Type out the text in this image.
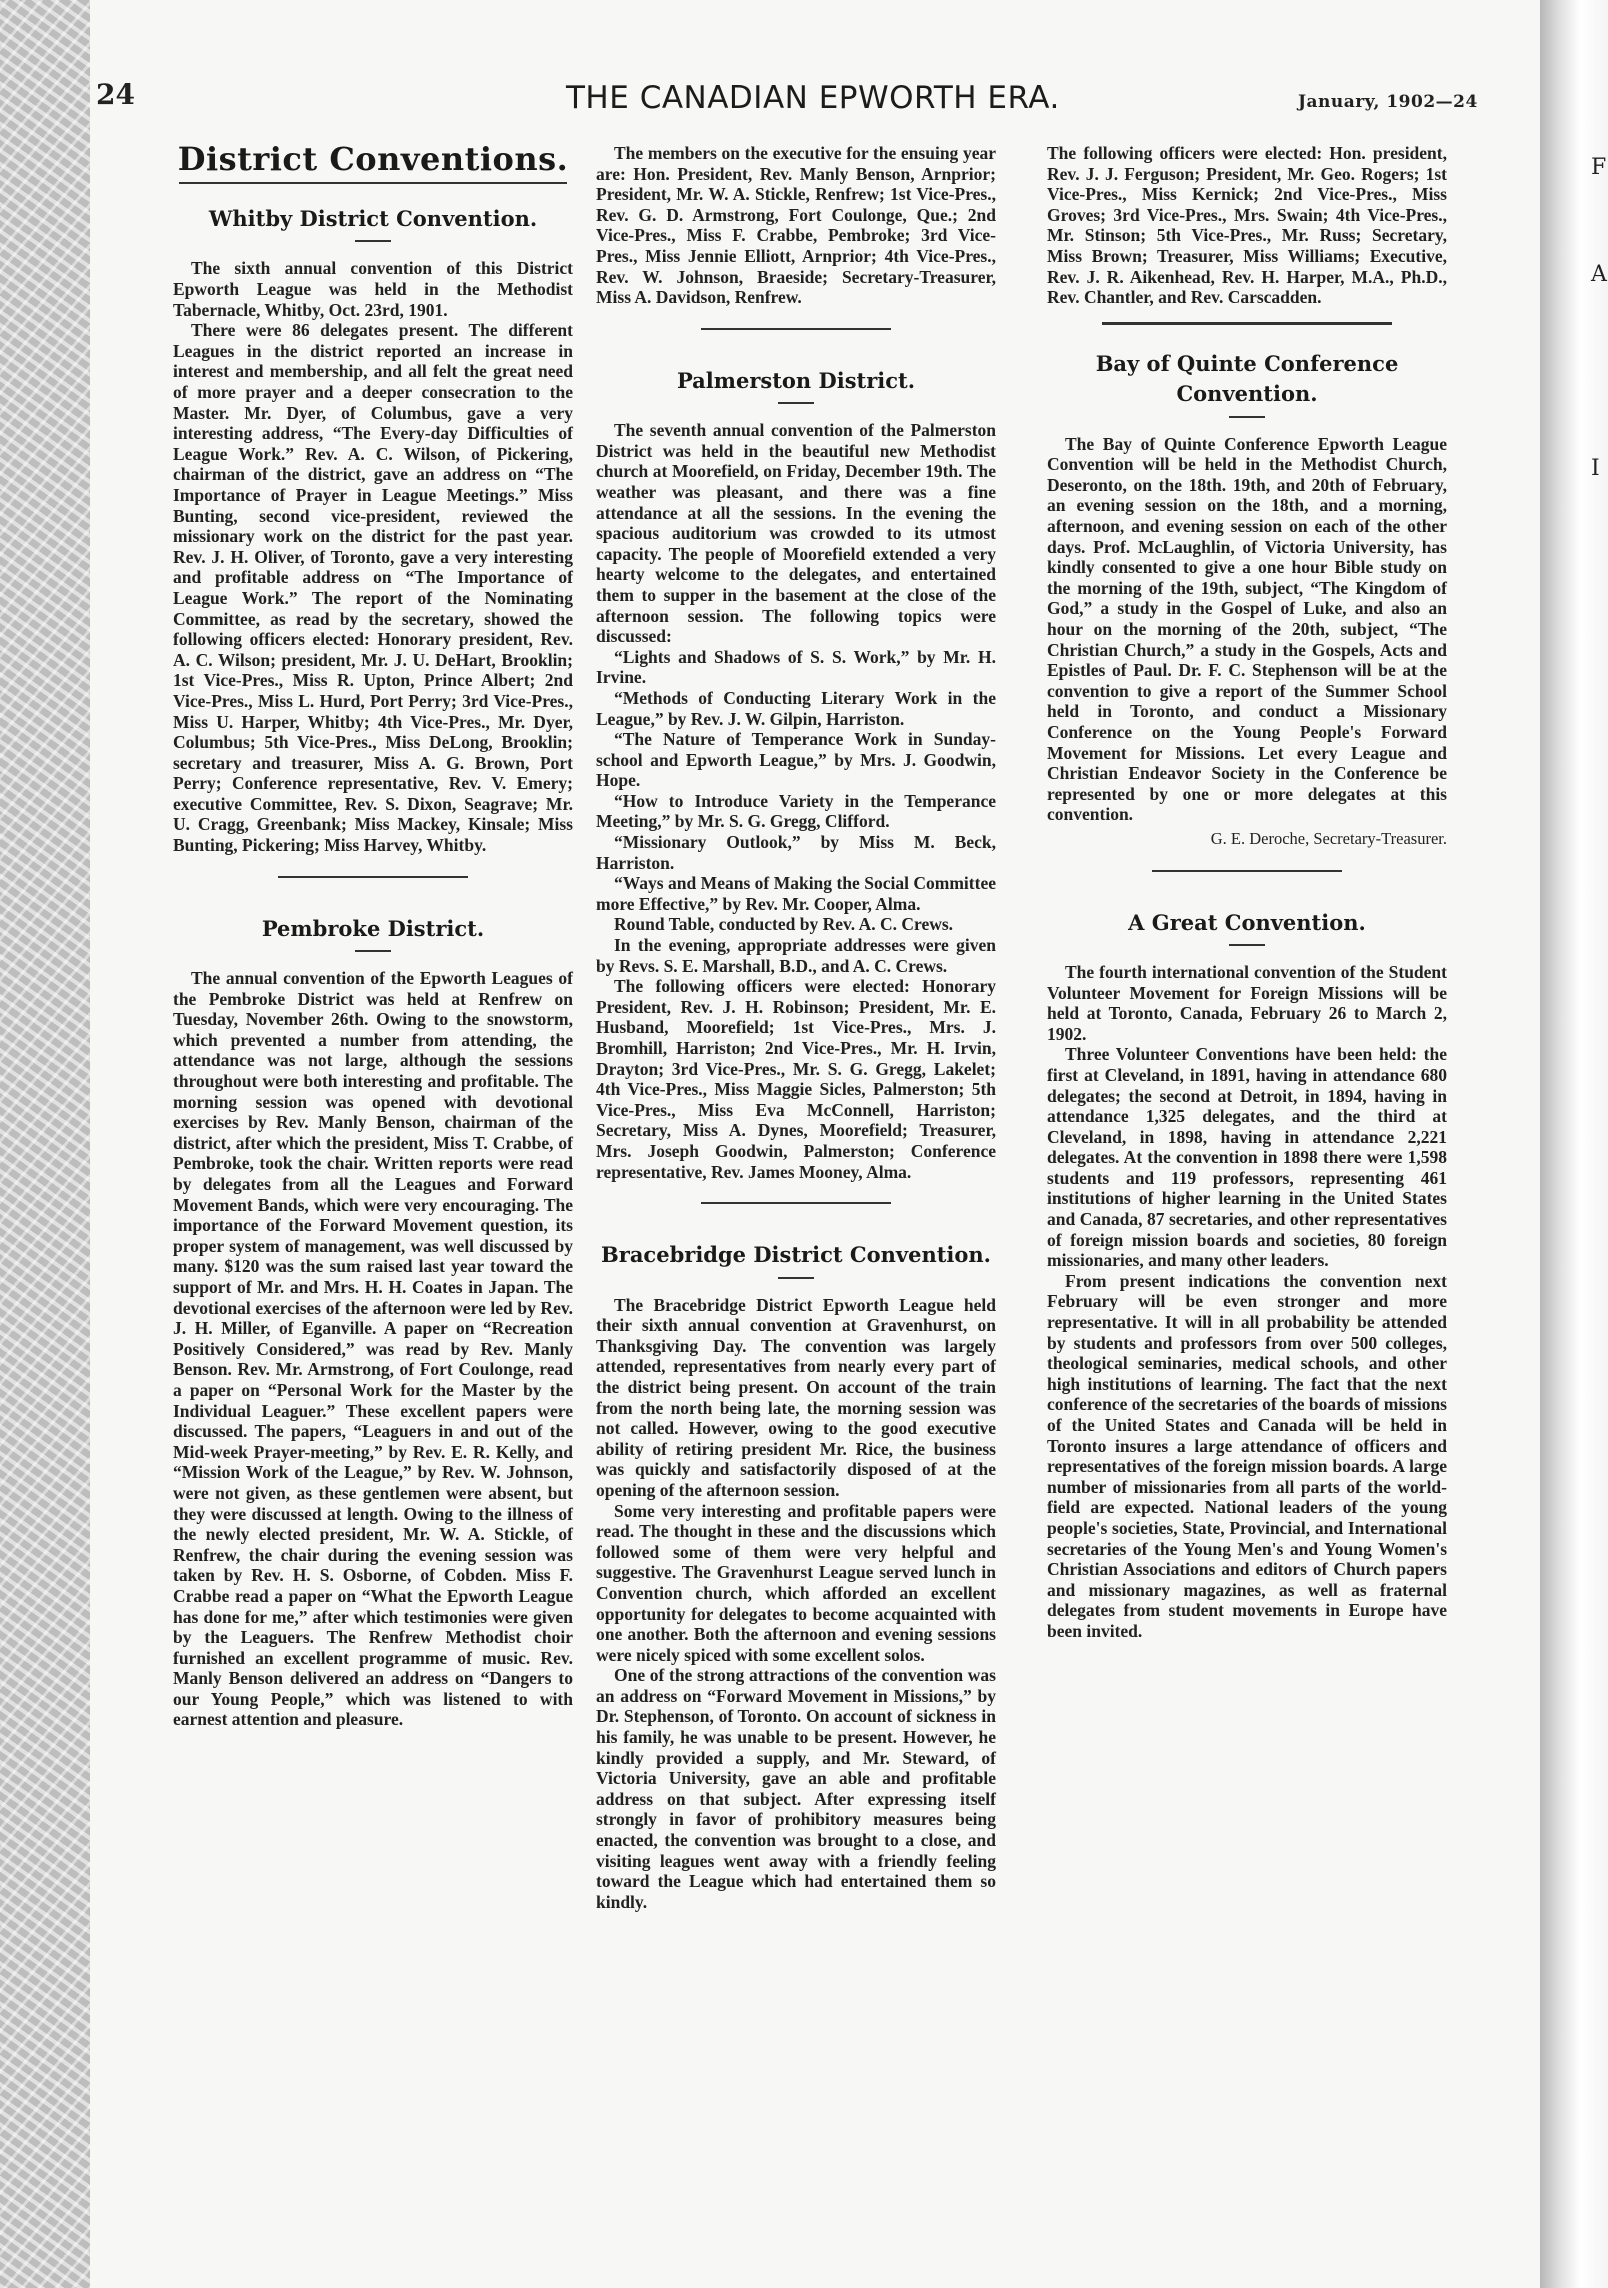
F
A
I
24	THE CANADIAN EPWORTH ERA.	January, 1902—24
District Conventions.
Whitby District Convention.

The sixth annual convention of this District Epworth League was held in the Methodist Tabernacle, Whitby, Oct. 23rd, 1901.

There were 86 delegates present. The different Leagues in the district reported an increase in interest and membership, and all felt the great need of more prayer and a deeper consecration to the Master. Mr. Dyer, of Columbus, gave a very interesting address, “The Every-day Difficulties of League Work.” Rev. A. C. Wilson, of Pickering, chairman of the district, gave an address on “The Importance of Prayer in League Meetings.” Miss Bunting, second vice-president, reviewed the missionary work on the district for the past year. Rev. J. H. Oliver, of Toronto, gave a very interesting and profitable address on “The Importance of League Work.” The report of the Nominating Committee, as read by the secretary, showed the following officers elected: Honorary president, Rev. A. C. Wilson; president, Mr. J. U. DeHart, Brooklin; 1st Vice-Pres., Miss R. Upton, Prince Albert; 2nd Vice-Pres., Miss L. Hurd, Port Perry; 3rd Vice-Pres., Miss U. Harper, Whitby; 4th Vice-Pres., Mr. Dyer, Columbus; 5th Vice-Pres., Miss DeLong, Brooklin; secretary and treasurer, Miss A. G. Brown, Port Perry; Conference representative, Rev. V. Emery; executive Committee, Rev. S. Dixon, Seagrave; Mr. U. Cragg, Greenbank; Miss Mackey, Kinsale; Miss Bunting, Pickering; Miss Harvey, Whitby.

Pembroke District.

The annual convention of the Epworth Leagues of the Pembroke District was held at Renfrew on Tuesday, November 26th. Owing to the snowstorm, which prevented a number from attending, the attendance was not large, although the sessions throughout were both interesting and profitable. The morning session was opened with devotional exercises by Rev. Manly Benson, chairman of the district, after which the president, Miss T. Crabbe, of Pembroke, took the chair. Written reports were read by delegates from all the Leagues and Forward Movement Bands, which were very encouraging. The importance of the Forward Movement question, its proper system of management, was well discussed by many. $120 was the sum raised last year toward the support of Mr. and Mrs. H. H. Coates in Japan. The devotional exercises of the afternoon were led by Rev. J. H. Miller, of Eganville. A paper on “Recreation Positively Considered,” was read by Rev. Manly Benson. Rev. Mr. Armstrong, of Fort Coulonge, read a paper on “Personal Work for the Master by the Individual Leaguer.” These excellent papers were discussed. The papers, “Leaguers in and out of the Mid-week Prayer-meeting,” by Rev. E. R. Kelly, and “Mission Work of the League,” by Rev. W. Johnson, were not given, as these gentlemen were absent, but they were discussed at length. Owing to the illness of the newly elected president, Mr. W. A. Stickle, of Renfrew, the chair during the evening session was taken by Rev. H. S. Osborne, of Cobden. Miss F. Crabbe read a paper on “What the Epworth League has done for me,” after which testimonies were given by the Leaguers. The Renfrew Methodist choir furnished an excellent programme of music. Rev. Manly Benson delivered an address on “Dangers to our Young People,” which was listened to with earnest attention and pleasure.

The members on the executive for the ensuing year are: Hon. President, Rev. Manly Benson, Arnprior; President, Mr. W. A. Stickle, Renfrew; 1st Vice-Pres., Rev. G. D. Armstrong, Fort Coulonge, Que.; 2nd Vice-Pres., Miss F. Crabbe, Pembroke; 3rd Vice-Pres., Miss Jennie Elliott, Arnprior; 4th Vice-Pres., Rev. W. Johnson, Braeside; Secretary-Treasurer, Miss A. Davidson, Renfrew.

Palmerston District.

The seventh annual convention of the Palmerston District was held in the beautiful new Methodist church at Moorefield, on Friday, December 19th. The weather was pleasant, and there was a fine attendance at all the sessions. In the evening the spacious auditorium was crowded to its utmost capacity. The people of Moorefield extended a very hearty welcome to the delegates, and entertained them to supper in the basement at the close of the afternoon session. The following topics were discussed:

“Lights and Shadows of S. S. Work,” by Mr. H. Irvine.

“Methods of Conducting Literary Work in the League,” by Rev. J. W. Gilpin, Harriston.

“The Nature of Temperance Work in Sunday-school and Epworth League,” by Mrs. J. Goodwin, Hope.

“How to Introduce Variety in the Temperance Meeting,” by Mr. S. G. Gregg, Clifford.

“Missionary Outlook,” by Miss M. Beck, Harriston.

“Ways and Means of Making the Social Committee more Effective,” by Rev. Mr. Cooper, Alma.

Round Table, conducted by Rev. A. C. Crews.

In the evening, appropriate addresses were given by Revs. S. E. Marshall, B.D., and A. C. Crews.

The following officers were elected: Honorary President, Rev. J. H. Robinson; President, Mr. E. Husband, Moorefield; 1st Vice-Pres., Mrs. J. Bromhill, Harriston; 2nd Vice-Pres., Mr. H. Irvin, Drayton; 3rd Vice-Pres., Mr. S. G. Gregg, Lakelet; 4th Vice-Pres., Miss Maggie Sicles, Palmerston; 5th Vice-Pres., Miss Eva McConnell, Harriston; Secretary, Miss A. Dynes, Moorefield; Treasurer, Mrs. Joseph Goodwin, Palmerston; Conference representative, Rev. James Mooney, Alma.

Bracebridge District Convention.

The Bracebridge District Epworth League held their sixth annual convention at Gravenhurst, on Thanksgiving Day. The convention was largely attended, representatives from nearly every part of the district being present. On account of the train from the north being late, the morning session was not called. However, owing to the good executive ability of retiring president Mr. Rice, the business was quickly and satisfactorily disposed of at the opening of the afternoon session.

Some very interesting and profitable papers were read. The thought in these and the discussions which followed some of them were very helpful and suggestive. The Gravenhurst League served lunch in Convention church, which afforded an excellent opportunity for delegates to become acquainted with one another. Both the afternoon and evening sessions were nicely spiced with some excellent solos.

One of the strong attractions of the convention was an address on “Forward Movement in Missions,” by Dr. Stephenson, of Toronto. On account of sickness in his family, he was unable to be present. However, he kindly provided a supply, and Mr. Steward, of Victoria University, gave an able and profitable address on that subject. After expressing itself strongly in favor of prohibitory measures being enacted, the convention was brought to a close, and visiting leagues went away with a friendly feeling toward the League which had entertained them so kindly.

The following officers were elected: Hon. president, Rev. J. J. Ferguson; President, Mr. Geo. Rogers; 1st Vice-Pres., Miss Kernick; 2nd Vice-Pres., Miss Groves; 3rd Vice-Pres., Mrs. Swain; 4th Vice-Pres., Mr. Stinson; 5th Vice-Pres., Mr. Russ; Secretary, Miss Brown; Treasurer, Miss Williams; Executive, Rev. J. R. Aikenhead, Rev. H. Harper, M.A., Ph.D., Rev. Chantler, and Rev. Carscadden.

Bay of Quinte Conference Convention.

The Bay of Quinte Conference Epworth League Convention will be held in the Methodist Church, Deseronto, on the 18th. 19th, and 20th of February, an evening session on the 18th, and a morning, afternoon, and evening session on each of the other days. Prof. McLaughlin, of Victoria University, has kindly consented to give a one hour Bible study on the morning of the 19th, subject, “The Kingdom of God,” a study in the Gospel of Luke, and also an hour on the morning of the 20th, subject, “The Christian Church,” a study in the Gospels, Acts and Epistles of Paul. Dr. F. C. Stephenson will be at the convention to give a report of the Summer School held in Toronto, and conduct a Missionary Conference on the Young People's Forward Movement for Missions. Let every League and Christian Endeavor Society in the Conference be represented by one or more delegates at this convention.

G. E. Deroche, Secretary-Treasurer.

A Great Convention.

The fourth international convention of the Student Volunteer Movement for Foreign Missions will be held at Toronto, Canada, February 26 to March 2, 1902.

Three Volunteer Conventions have been held: the first at Cleveland, in 1891, having in attendance 680 delegates; the second at Detroit, in 1894, having in attendance 1,325 delegates, and the third at Cleveland, in 1898, having in attendance 2,221 delegates. At the convention in 1898 there were 1,598 students and 119 professors, representing 461 institutions of higher learning in the United States and Canada, 87 secretaries, and other representatives of foreign mission boards and societies, 80 foreign missionaries, and many other leaders.

From present indications the convention next February will be even stronger and more representative. It will in all probability be attended by students and professors from over 500 colleges, theological seminaries, medical schools, and other high institutions of learning. The fact that the next conference of the secretaries of the boards of missions of the United States and Canada will be held in Toronto insures a large attendance of officers and representatives of the foreign mission boards. A large number of missionaries from all parts of the world-field are expected. National leaders of the young people's societies, State, Provincial, and International secretaries of the Young Men's and Young Women's Christian Associations and editors of Church papers and missionary magazines, as well as fraternal delegates from student movements in Europe have been invited.
